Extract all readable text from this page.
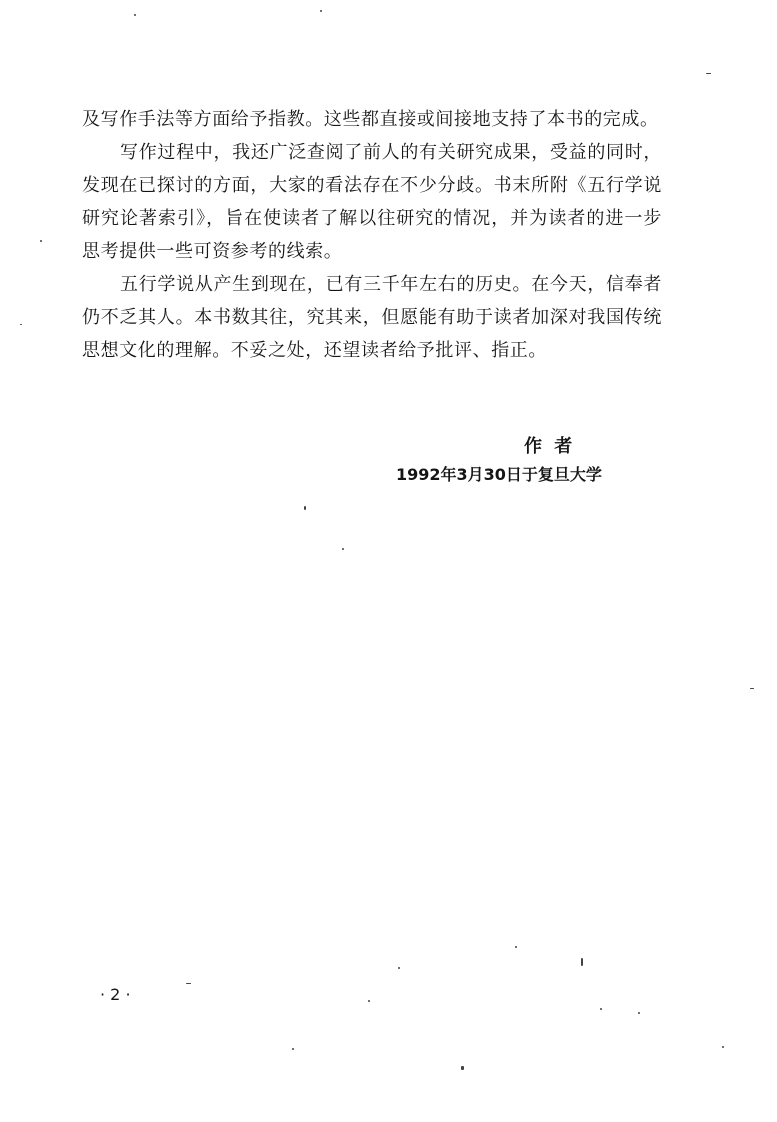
及写作手法等方面给予指教。这些都直接或间接地支持了本书的完成。

写作过程中，我还广泛查阅了前人的有关研究成果，受益的同时，发现在已探讨的方面，大家的看法存在不少分歧。书末所附《五行学说研究论著索引》，旨在使读者了解以往研究的情况，并为读者的进一步思考提供一些可资参考的线索。

五行学说从产生到现在，已有三千年左右的历史。在今天，信奉者仍不乏其人。本书数其往，究其来，但愿能有助于读者加深对我国传统思想文化的理解。不妥之处，还望读者给予批评、指正。

作 者
1992年3月30日于复旦大学
· 2 ·
